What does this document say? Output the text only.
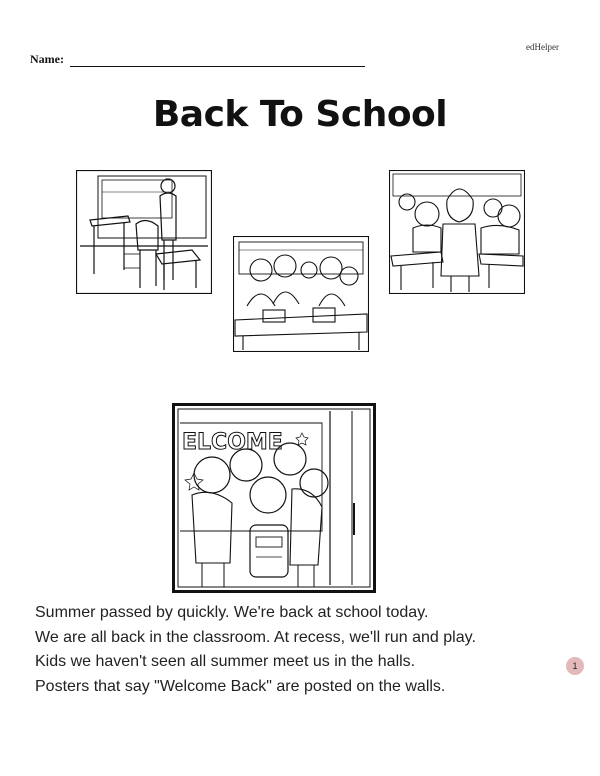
edHelper
Name:
Back To School
ELCOME
Summer passed by quickly. We're back at school today.
We are all back in the classroom. At recess, we'll run and play.
Kids we haven't seen all summer meet us in the halls.
Posters that say "Welcome Back" are posted on the walls.
1
